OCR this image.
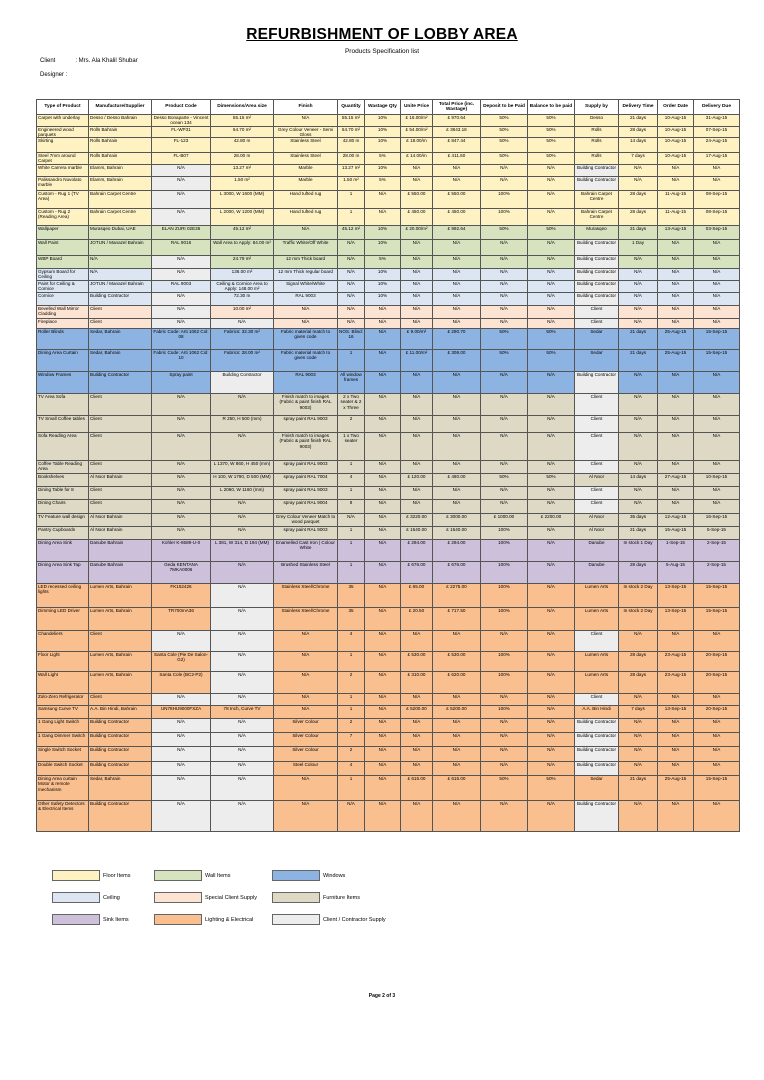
REFURBISHMENT OF LOBBY AREA
Products Specification list
Client	: Mrs. Ala Khalil Shubar
Designer :
Type of Product	Manufacture/Supplier	Product Code	Dimensions/Area size	Finish	Quantity	Wastage Qty	Unite Price	Total Price (inc. Wastage)	Deposit to be Paid	Balance to be paid	Supply by	Delivery Time	Order Date	Delivery Due
Carpet with underlay	Desso / Desso Bahrain	Desso Bonaparte - Vincent ocean 134	55.15 m²	N/A	55.15 m²	10%	£ 16.00/m²	£ 970.64	50%	50%	Desso	21 days	10-Aug-15	31-Aug-15
Engineered wood parquets	Rolls Bahrain	FL-WP31	64.70 m²	Grey Colour Veneer - Semi Gloss	64.70 m²	10%	£ 54.00/m²	£ 3843.18	50%	50%	Rolls	28 days	10-Aug-15	07-Sep-15
Skirting	Rolls Bahrain	FL-123	42.80 m	Stainless Steel	42.80 m	10%	£ 18.00/m	£ 847.44	50%	50%	Rolls	14 days	10-Aug-15	24-Aug-15
Steel 7mm around Carpet	Rolls Bahrain	FL-B07	28.00 m	Stainless Steel	28.00 m	5%	£ 14.00/m	£ 411.60	50%	50%	Rolls	7 days	10-Aug-15	17-Aug-15
White Carrera marble	Elamrs, Bahrain	N/A	13.27 m²	Marble	13.27 m²	10%	N/A	N/A	N/A	N/A	Building Contractor	N/A	N/A	N/A
Palissandro Nuvolato marble	Elamrs, Bahrain	N/A	1.50 m²	Marble	1.50 m²	5%	N/A	N/A	N/A	N/A	Building Contractor	N/A	N/A	N/A
Custom - Rug 1 (TV Area)	Bahrain Carpet Centre	N/A	L 3000, W 1600 (MM)	Hand tufted rug	1	N/A	£ 550.00	£ 550.00	100%	N/A	Bahrain Carpet Centre	28 days	11-Aug-15	08-Sep-15
Custom - Rug 2 (Reading Area)	Bahrain Carpet Centre	N/A	L 2000, W 1200 (MM)	Hand tufted rug	1	N/A	£ 450.00	£ 450.00	100%	N/A	Bahrain Carpet Centre	28 days	11-Aug-15	08-Sep-15
Wallpaper	Murasqeo Dubai, UAE	ELAN ZURI 02E36	45.12 m²	N/A	45.12 m²	10%	£ 20.00/m²	£ 992.64	50%	50%	Murasqeo	21 days	13-Aug-15	03-Sep-15
Wall Paint	JOTUN / Manazel Bahrain	RAL 9016	Wall Area to Apply: 84.00 m²	Traffic White/Off White	N/A	10%	N/A	N/A	N/A	N/A	Building Contractor	1 Day	N/A	N/A
WBP Board	N/A	N/A	24.79 m²	12 mm Thick board	N/A	5%	N/A	N/A	N/A	N/A	Building Contractor	N/A	N/A	N/A
Gypsum Board for Ceiling	N/A	N/A	136.00 m²	12 mm Thick regular board	N/A	10%	N/A	N/A	N/A	N/A	Building Contractor	N/A	N/A	N/A
Paint for Ceiling & Cornice	JOTUN / Manazel Bahrain	RAL 9003	Ceiling & Cornice Area to Apply: 148.00 m²	Signal White/White	N/A	10%	N/A	N/A	N/A	N/A	Building Contractor	N/A	N/A	N/A
Cornice	Building Contractor	N/A	72.30 m	RAL 9003	N/A	10%	N/A	N/A	N/A	N/A	Building Contractor	N/A	N/A	N/A
Bevelled Wall Mirror Cladding	Client	N/A	10.00 m²	N/A	N/A	N/A	N/A	N/A	N/A	N/A	Client	N/A	N/A	N/A
Fireplace	Client	N/A	N/A	N/A	N/A	N/A	N/A	N/A	N/A	N/A	Client	N/A	N/A	N/A
Roller Blinds	Sedar, Bahrain	Fabric Code: Arti 1062 Col: 08	Fabrics: 32.30 m²	Fabric material match to given code	NOS. Blind: 16	N/A	£ 9.00/m²	£ 290.70	50%	50%	Sedar	21 days	25-Aug-15	15-Sep-15
Dining Area Curtain	Sedar, Bahrain	Fabric Code: Arti 1062 Col: 10	Fabrics: 28.00 m²	Fabric material match to given code	1	N/A	£ 11.00/m²	£ 308.00	50%	50%	Sedar	21 days	25-Aug-15	15-Sep-15
Window Frames	Building Contractor	Spray paint	Building Contractor	RAL 9003	All window frames	N/A	N/A	N/A	N/A	N/A	Building Contractor	N/A	N/A	N/A
TV Area Sofa	Client	N/A	N/A	Finish match to images (Fabric & paint finish RAL 9003)	2 x Two seater & 2 x Three	N/A	N/A	N/A	N/A	N/A	Client	N/A	N/A	N/A
TV Small Coffee tables	Client	N/A	R 250, H 500 (mm)	spray paint RAL 9003	2	N/A	N/A	N/A	N/A	N/A	Client	N/A	N/A	N/A
Sofa Reading Area	Client	N/A	N/A	Finish match to images (Fabric & paint finish RAL 9003)	1 x Two seater	N/A	N/A	N/A	N/A	N/A	Client	N/A	N/A	N/A
Coffee Table Reading Area	Client	N/A	L 1370, W 860, H 450 (mm)	spray paint RAL 9003	1	N/A	N/A	N/A	N/A	N/A	Client	N/A	N/A	N/A
Bookshelves	Al Noor Bahrain	N/A	H 100, W 1790, D 500 (MM)	spray paint RAL 7004	4	N/A	£ 120.00	£ 480.00	50%	50%	Al Noor	14 days	27-Aug-15	10-Sep-15
Dining Table for 8	Client	N/A	L 2060, W 1160 (mm)	spray paint RAL 9003	1	N/A	N/A	N/A	N/A	N/A	Client	N/A	N/A	N/A
Dining Chairs	Client	N/A	N/A	spray paint RAL 9004	8	N/A	N/A	N/A	N/A	N/A	Client	N/A	N/A	N/A
TV Feature wall design	Al Noor Bahrain	N/A	N/A	Grey Colour Veneer Match to wood parquet	N/A	N/A	£ 3220.00	£ 3000.00	£ 1000.00	£ 2200.00	Al Noor	35 days	12-Aug-15	16-Sep-15
Pantry Cupboards	Al Noor Bahrain	N/A	N/A	spray paint RAL 9003	1	N/A	£ 1540.00	£ 1540.00	100%	N/A	Al Noor	21 days	15-Aug-15	5-Sep-15
Dining Area Sink	Danube Bahrain	Kohler K-6589-U-0	L 381, W 314, D 194 (MM)	Enamelled Cast Iron | Colour White	1	N/A	£ 294.00	£ 294.00	100%	N/A	Danube	In stock 1 Day	1-Sep-15	2-Sep-15
Dining Area Sink Tap	Danube Bahrain	Geda KENTANA 7MKA0006	N/A	Brushed Stainless Steel	1	N/A	£ 676.00	£ 676.00	100%	N/A	Danube	28 days	5-Aug-15	2-Sep-15
LED recessed ceiling lights	Lumen Arts, Bahrain	FK152426	N/A	Stainless Steel/Chrome	35	N/A	£ 65.00	£ 2275.00	100%	N/A	Lumen Arts	In stock 2 Day	13-Sep-15	15-Sep-15
Dimming LED Driver	Lumen Arts, Bahrain	TR700mA36	N/A	Stainless Steel/Chrome	35	N/A	£ 20.50	£ 717.50	100%	N/A	Lumen Arts	In stock 2 Day	13-Sep-15	15-Sep-15
Chandeliers	Client	N/A	N/A	N/A	4	N/A	N/A	N/A	N/A	N/A	Client	N/A	N/A	N/A
Floor Light	Lumen Arts, Bahrain	Santa Cole (Pie De Salon-G2)	N/A	N/A	1	N/A	£ 530.00	£ 530.00	100%	N/A	Lumen Arts	28 days	23-Aug-15	20-Sep-15
Wall Light	Lumen Arts, Bahrain	Santa Cole (BC2-P2)	N/A	N/A	2	N/A	£ 310.00	£ 620.00	100%	N/A	Lumen Arts	28 days	23-Aug-15	20-Sep-15
Zolo-Zero Refrigerator	Client	N/A	N/A	N/A	1	N/A	N/A	N/A	N/A	N/A	Client	N/A	N/A	N/A
Samsung Curve TV	A.A. Bin Hindi, Bahrain	UN78HU9000FXZA	78 Inch, Curve TV	N/A	1	N/A	£ 5200.00	£ 5200.00	100%	N/A	A.A. Bin Hindi	7 days	13-Sep-15	20-Sep-15
1 Gang Light Switch	Building Contractor	N/A	N/A	Silver Colour	2	N/A	N/A	N/A	N/A	N/A	Building Contractor	N/A	N/A	N/A
1 Gang Dimmer Switch	Building Contractor	N/A	N/A	Silver Colour	7	N/A	N/A	N/A	N/A	N/A	Building Contractor	N/A	N/A	N/A
Single Switch Socket	Building Contractor	N/A	N/A	Silver Colour	2	N/A	N/A	N/A	N/A	N/A	Building Contractor	N/A	N/A	N/A
Double Switch Socket	Building Contractor	N/A	N/A	Steel Colour	4	N/A	N/A	N/A	N/A	N/A	Building Contractor	N/A	N/A	N/A
Dining Area curtain Motor & remote mechanism	Sedar, Bahrain	N/A	N/A	N/A	1	N/A	£ 615.00	£ 615.00	50%	50%	Sedar	21 days	25-Aug-15	15-Sep-15
Other Safety Detectors & Electrical Items	Building Contractor	N/A	N/A	N/A	N/A	N/A	N/A	N/A	N/A	N/A	Building Contractor	N/A	N/A	N/A
Floor Items	Wall Items	Windows
Ceiling	Special Client Supply	Furniture Items
Sink Items	Lighting & Electrical	Client / Contractor Supply
Page 2 of 3
